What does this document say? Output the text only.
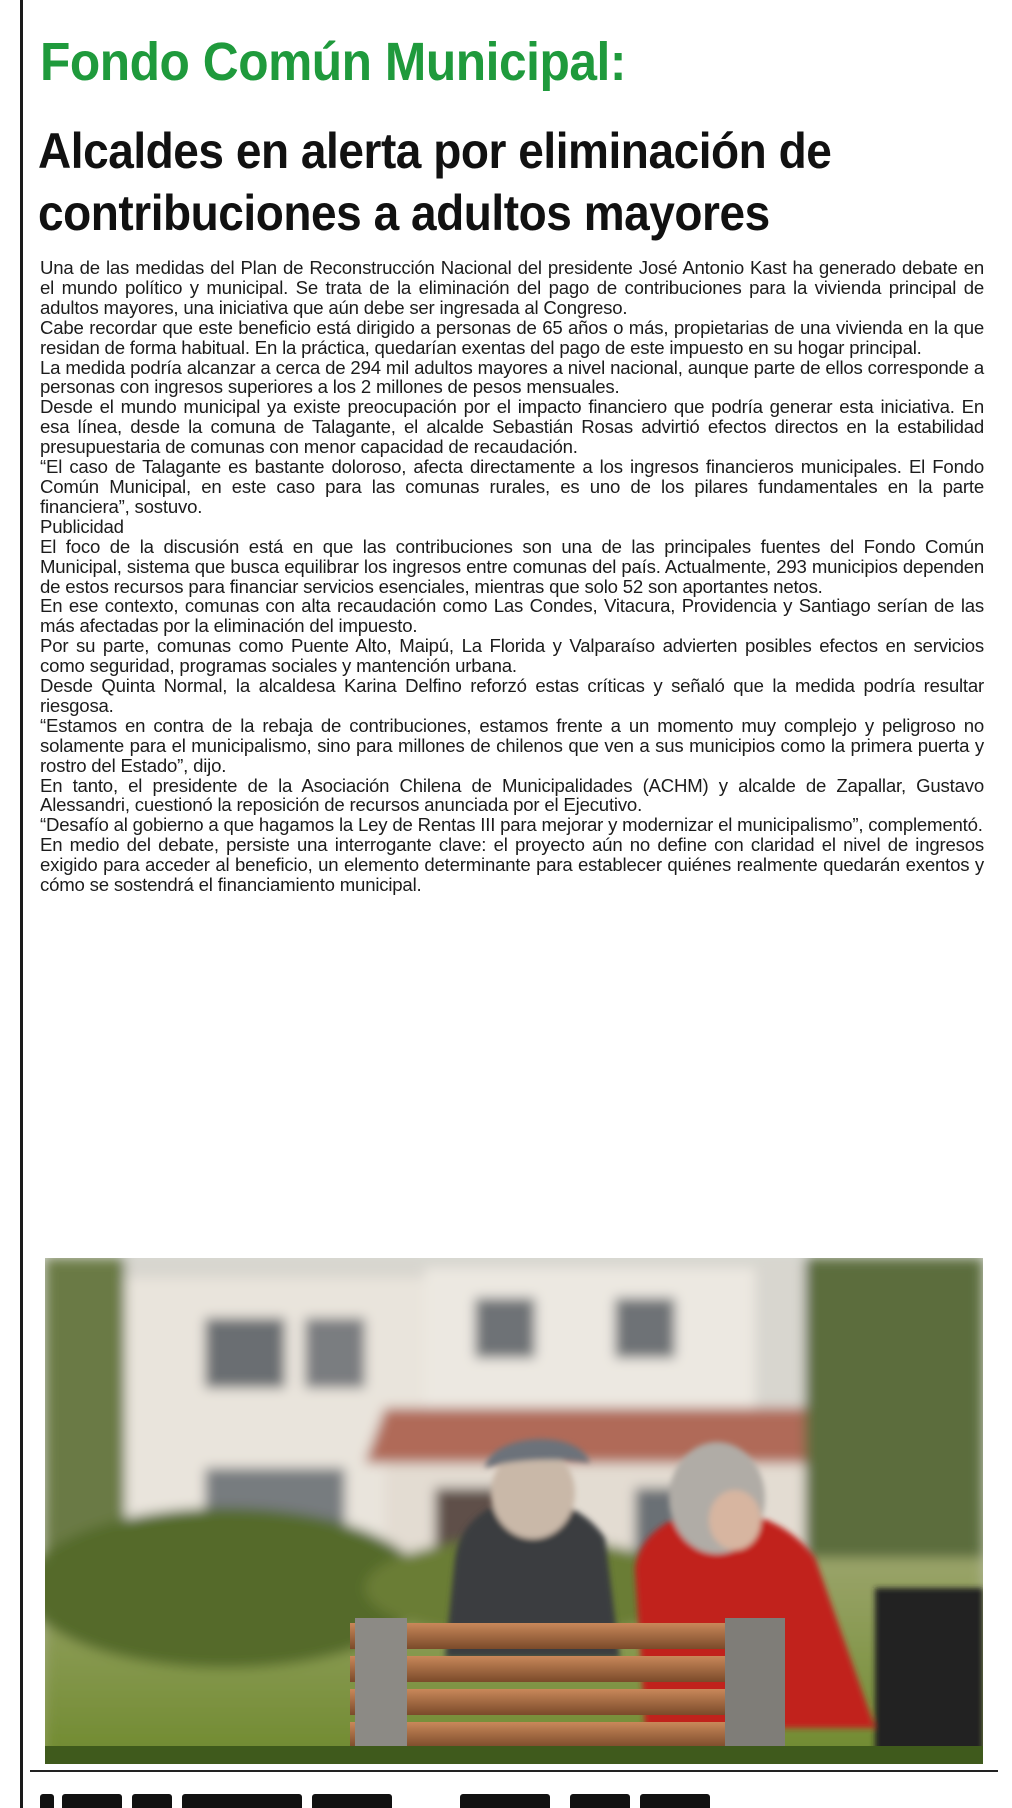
Fondo Común Municipal:
Alcaldes en alerta por eliminación de
contribuciones a adultos mayores

Una de las medidas del Plan de Reconstrucción Nacional del presidente José Antonio Kast ha generado debate en el mundo político y municipal. Se trata de la eliminación del pago de contribuciones para la vivienda principal de adultos mayores, una iniciativa que aún debe ser ingresada al Congreso.

Cabe recordar que este beneficio está dirigido a personas de 65 años o más, propietarias de una vivienda en la que residan de forma habitual. En la práctica, quedarían exentas del pago de este impuesto en su hogar principal.

La medida podría alcanzar a cerca de 294 mil adultos mayores a nivel nacional, aunque parte de ellos corresponde a personas con ingresos superiores a los 2 millones de pesos mensuales.

Desde el mundo municipal ya existe preocupación por el impacto financiero que podría generar esta iniciativa. En esa línea, desde la comuna de Talagante, el alcalde Sebastián Rosas advirtió efectos directos en la estabilidad presupuestaria de comunas con menor capacidad de recaudación.

“El caso de Talagante es bastante doloroso, afecta directamente a los ingresos financieros municipales. El Fondo Común Municipal, en este caso para las comunas rurales, es uno de los pilares fundamentales en la parte financiera”, sostuvo.

Publicidad

El foco de la discusión está en que las contribuciones son una de las principales fuentes del Fondo Común Municipal, sistema que busca equilibrar los ingresos entre comunas del país. Actualmente, 293 municipios dependen de estos recursos para financiar servicios esenciales, mientras que solo 52 son aportantes netos.

En ese contexto, comunas con alta recaudación como Las Condes, Vitacura, Providencia y Santiago serían de las más afectadas por la eliminación del impuesto.

Por su parte, comunas como Puente Alto, Maipú, La Florida y Valparaíso advierten posibles efectos en servicios como seguridad, programas sociales y mantención urbana.

Desde Quinta Normal, la alcaldesa Karina Delfino reforzó estas críticas y señaló que la medida podría resultar riesgosa.

“Estamos en contra de la rebaja de contribuciones, estamos frente a un momento muy complejo y peligroso no solamente para el municipalismo, sino para millones de chilenos que ven a sus municipios como la primera puerta y rostro del Estado”, dijo.

En tanto, el presidente de la Asociación Chilena de Municipalidades (ACHM) y alcalde de Zapallar, Gustavo Alessandri, cuestionó la reposición de recursos anunciada por el Ejecutivo.

“Desafío al gobierno a que hagamos la Ley de Rentas III para mejorar y modernizar el municipalismo”, complementó.

En medio del debate, persiste una interrogante clave: el proyecto aún no define con claridad el nivel de ingresos exigido para acceder al beneficio, un elemento determinante para establecer quiénes realmente quedarán exentos y cómo se sostendrá el financiamiento municipal.
